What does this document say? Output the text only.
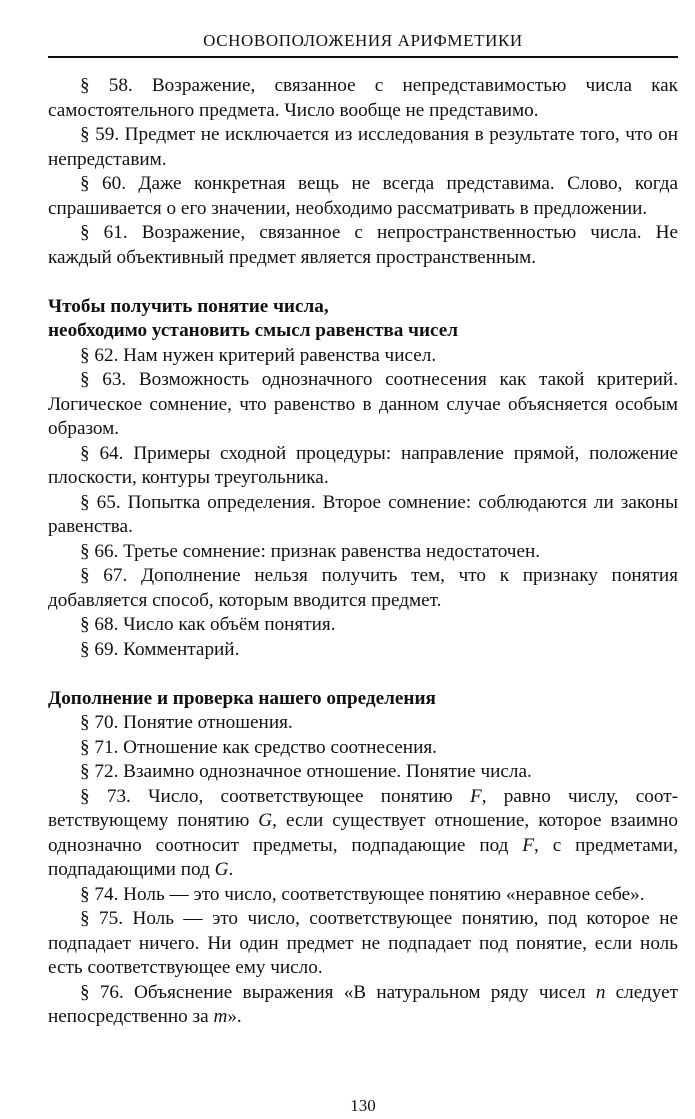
ОСНОВОПОЛОЖЕНИЯ АРИФМЕТИКИ

§ 58. Возражение, связанное с непредставимостью числа как самостоятельного предмета. Число вообще не представимо.

§ 59. Предмет не исключается из исследования в результате того, что он непредставим.

§ 60. Даже конкретная вещь не всегда представима. Слово, когда спрашивается о его значении, необходимо рассматривать в предложении.

§ 61. Возражение, связанное с непространственностью числа. Не каждый объективный предмет является пространственным.

Чтобы получить понятие числа,
необходимо установить смысл равенства чисел

§ 62. Нам нужен критерий равенства чисел.

§ 63. Возможность однозначного соотнесения как такой критерий. Логическое сомнение, что равенство в данном случае объясняется особым образом.

§ 64. Примеры сходной процедуры: направление прямой, положение плоскости, контуры треугольника.

§ 65. Попытка определения. Второе сомнение: соблюдаются ли законы равенства.

§ 66. Третье сомнение: признак равенства недостаточен.

§ 67. Дополнение нельзя получить тем, что к признаку понятия добавляется способ, которым вводится предмет.

§ 68. Число как объём понятия.

§ 69. Комментарий.

Дополнение и проверка нашего определения

§ 70. Понятие отношения.

§ 71. Отношение как средство соотнесения.

§ 72. Взаимно однозначное отношение. Понятие числа.

§ 73. Число, соответствующее понятию F, равно числу, соответствующему понятию G, если существует отношение, которое взаимно однозначно соотносит предметы, подпадающие под F, с предметами, подпадающими под G.

§ 74. Ноль — это число, соответствующее понятию «неравное себе».

§ 75. Ноль — это число, соответствующее понятию, под которое не подпадает ничего. Ни один предмет не подпадает под понятие, если ноль есть соответствующее ему число.

§ 76. Объяснение выражения «В натуральном ряду чисел n следует непосредственно за m».

130
